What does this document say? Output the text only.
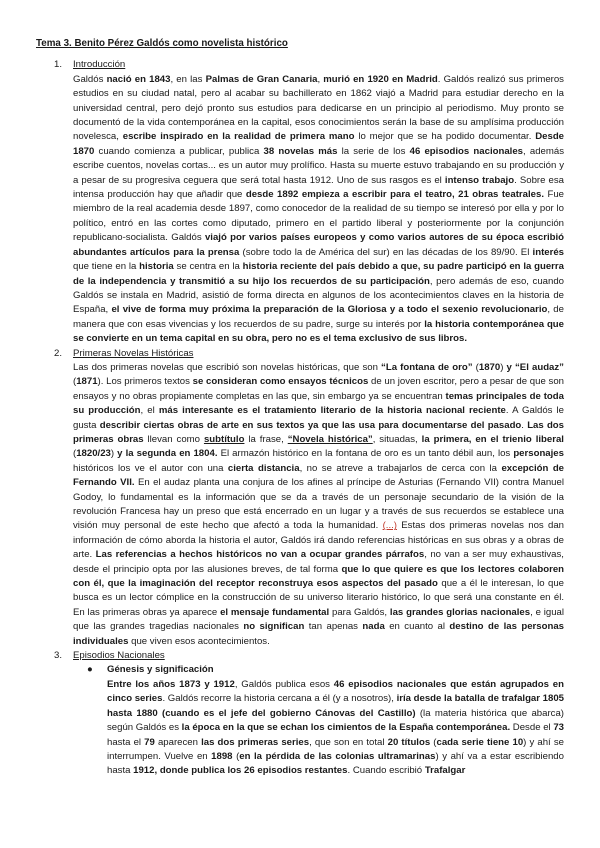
Tema 3. Benito Pérez Galdós como novelista histórico
1. Introducción

Galdós nació en 1843, en las Palmas de Gran Canaria, murió en 1920 en Madrid. Galdós realizó sus primeros estudios en su ciudad natal, pero al acabar su bachillerato en 1862 viajó a Madrid para estudiar derecho en la universidad central, pero dejó pronto sus estudios para dedicarse en un principio al periodismo. Muy pronto se documentó de la vida contemporánea en la capital, esos conocimientos serán la base de su amplísima producción novelesca, escribe inspirado en la realidad de primera mano lo mejor que se ha podido documentar. Desde 1870 cuando comienza a publicar, publica 38 novelas más la serie de los 46 episodios nacionales, además escribe cuentos, novelas cortas... es un autor muy prolífico. Hasta su muerte estuvo trabajando en su producción y a pesar de su progresiva ceguera que será total hasta 1912. Uno de sus rasgos es el intenso trabajo. Sobre esa intensa producción hay que añadir que desde 1892 empieza a escribir para el teatro, 21 obras teatrales. Fue miembro de la real academia desde 1897, como conocedor de la realidad de su tiempo se interesó por ella y por lo político, entró en las cortes como diputado, primero en el partido liberal y posteriormente por la conjunción republicano-socialista. Galdós viajó por varios países europeos y como varios autores de su época escribió abundantes artículos para la prensa (sobre todo la de América del sur) en las décadas de los 89/90. El interés que tiene en la historia se centra en la historia reciente del país debido a que, su padre participó en la guerra de la independencia y transmitió a su hijo los recuerdos de su participación, pero además de eso, cuando Galdós se instala en Madrid, asistió de forma directa en algunos de los acontecimientos claves en la historia de España, el vive de forma muy próxima la preparación de la Gloriosa y a todo el sexenio revolucionario, de manera que con esas vivencias y los recuerdos de su padre, surge su interés por la historia contemporánea que se convierte en un tema capital en su obra, pero no es el tema exclusivo de sus libros.

2. Primeras Novelas Históricas

Las dos primeras novelas que escribió son novelas históricas, que son “La fontana de oro” (1870) y “El audaz” (1871). Los primeros textos se consideran como ensayos técnicos de un joven escritor, pero a pesar de que son ensayos y no obras propiamente completas en las que, sin embargo ya se encuentran temas principales de toda su producción, el más interesante es el tratamiento literario de la historia nacional reciente. A Galdós le gusta describir ciertas obras de arte en sus textos ya que las usa para documentarse del pasado. Las dos primeras obras llevan como subtítulo la frase, “Novela histórica”, situadas, la primera, en el trienio liberal (1820/23) y la segunda en 1804. El armazón histórico en la fontana de oro es un tanto débil aun, los personajes históricos los ve el autor con una cierta distancia, no se atreve a trabajarlos de cerca con la excepción de Fernando VII. En el audaz planta una conjura de los afines al príncipe de Asturias (Fernando VII) contra Manuel Godoy, lo fundamental es la información que se da a través de un personaje secundario de la visión de la revolución Francesa hay un preso que está encerrado en un lugar y a través de sus recuerdos se establece una visión muy personal de este hecho que afectó a toda la humanidad. (...) Estas dos primeras novelas nos dan información de cómo aborda la historia el autor, Galdós irá dando referencias históricas en sus obras y a obras de arte. Las referencias a hechos históricos no van a ocupar grandes párrafos, no van a ser muy exhaustivas, desde el principio opta por las alusiones breves, de tal forma que lo que quiere es que los lectores colaboren con él, que la imaginación del receptor reconstruya esos aspectos del pasado que a él le interesan, lo que busca es un lector cómplice en la construcción de su universo literario histórico, lo que será una constante en él. En las primeras obras ya aparece el mensaje fundamental para Galdós, las grandes glorias nacionales, e igual que las grandes tragedias nacionales no significan tan apenas nada en cuanto al destino de las personas individuales que viven esos acontecimientos.

3. Episodios Nacionales
● Génesis y significación

Entre los años 1873 y 1912, Galdós publica esos 46 episodios nacionales que están agrupados en cinco series. Galdós recorre la historia cercana a él (y a nosotros), iría desde la batalla de trafalgar 1805 hasta 1880 (cuando es el jefe del gobierno Cánovas del Castillo) (la materia histórica que abarca) según Galdós es la época en la que se echan los cimientos de la España contemporánea. Desde el 73 hasta el 79 aparecen las dos primeras series, que son en total 20 títulos (cada serie tiene 10) y ahí se interrumpen. Vuelve en 1898 (en la pérdida de las colonias ultramarinas) y ahí va a estar escribiendo hasta 1912, donde publica los 26 episodios restantes. Cuando escribió Trafalgar
